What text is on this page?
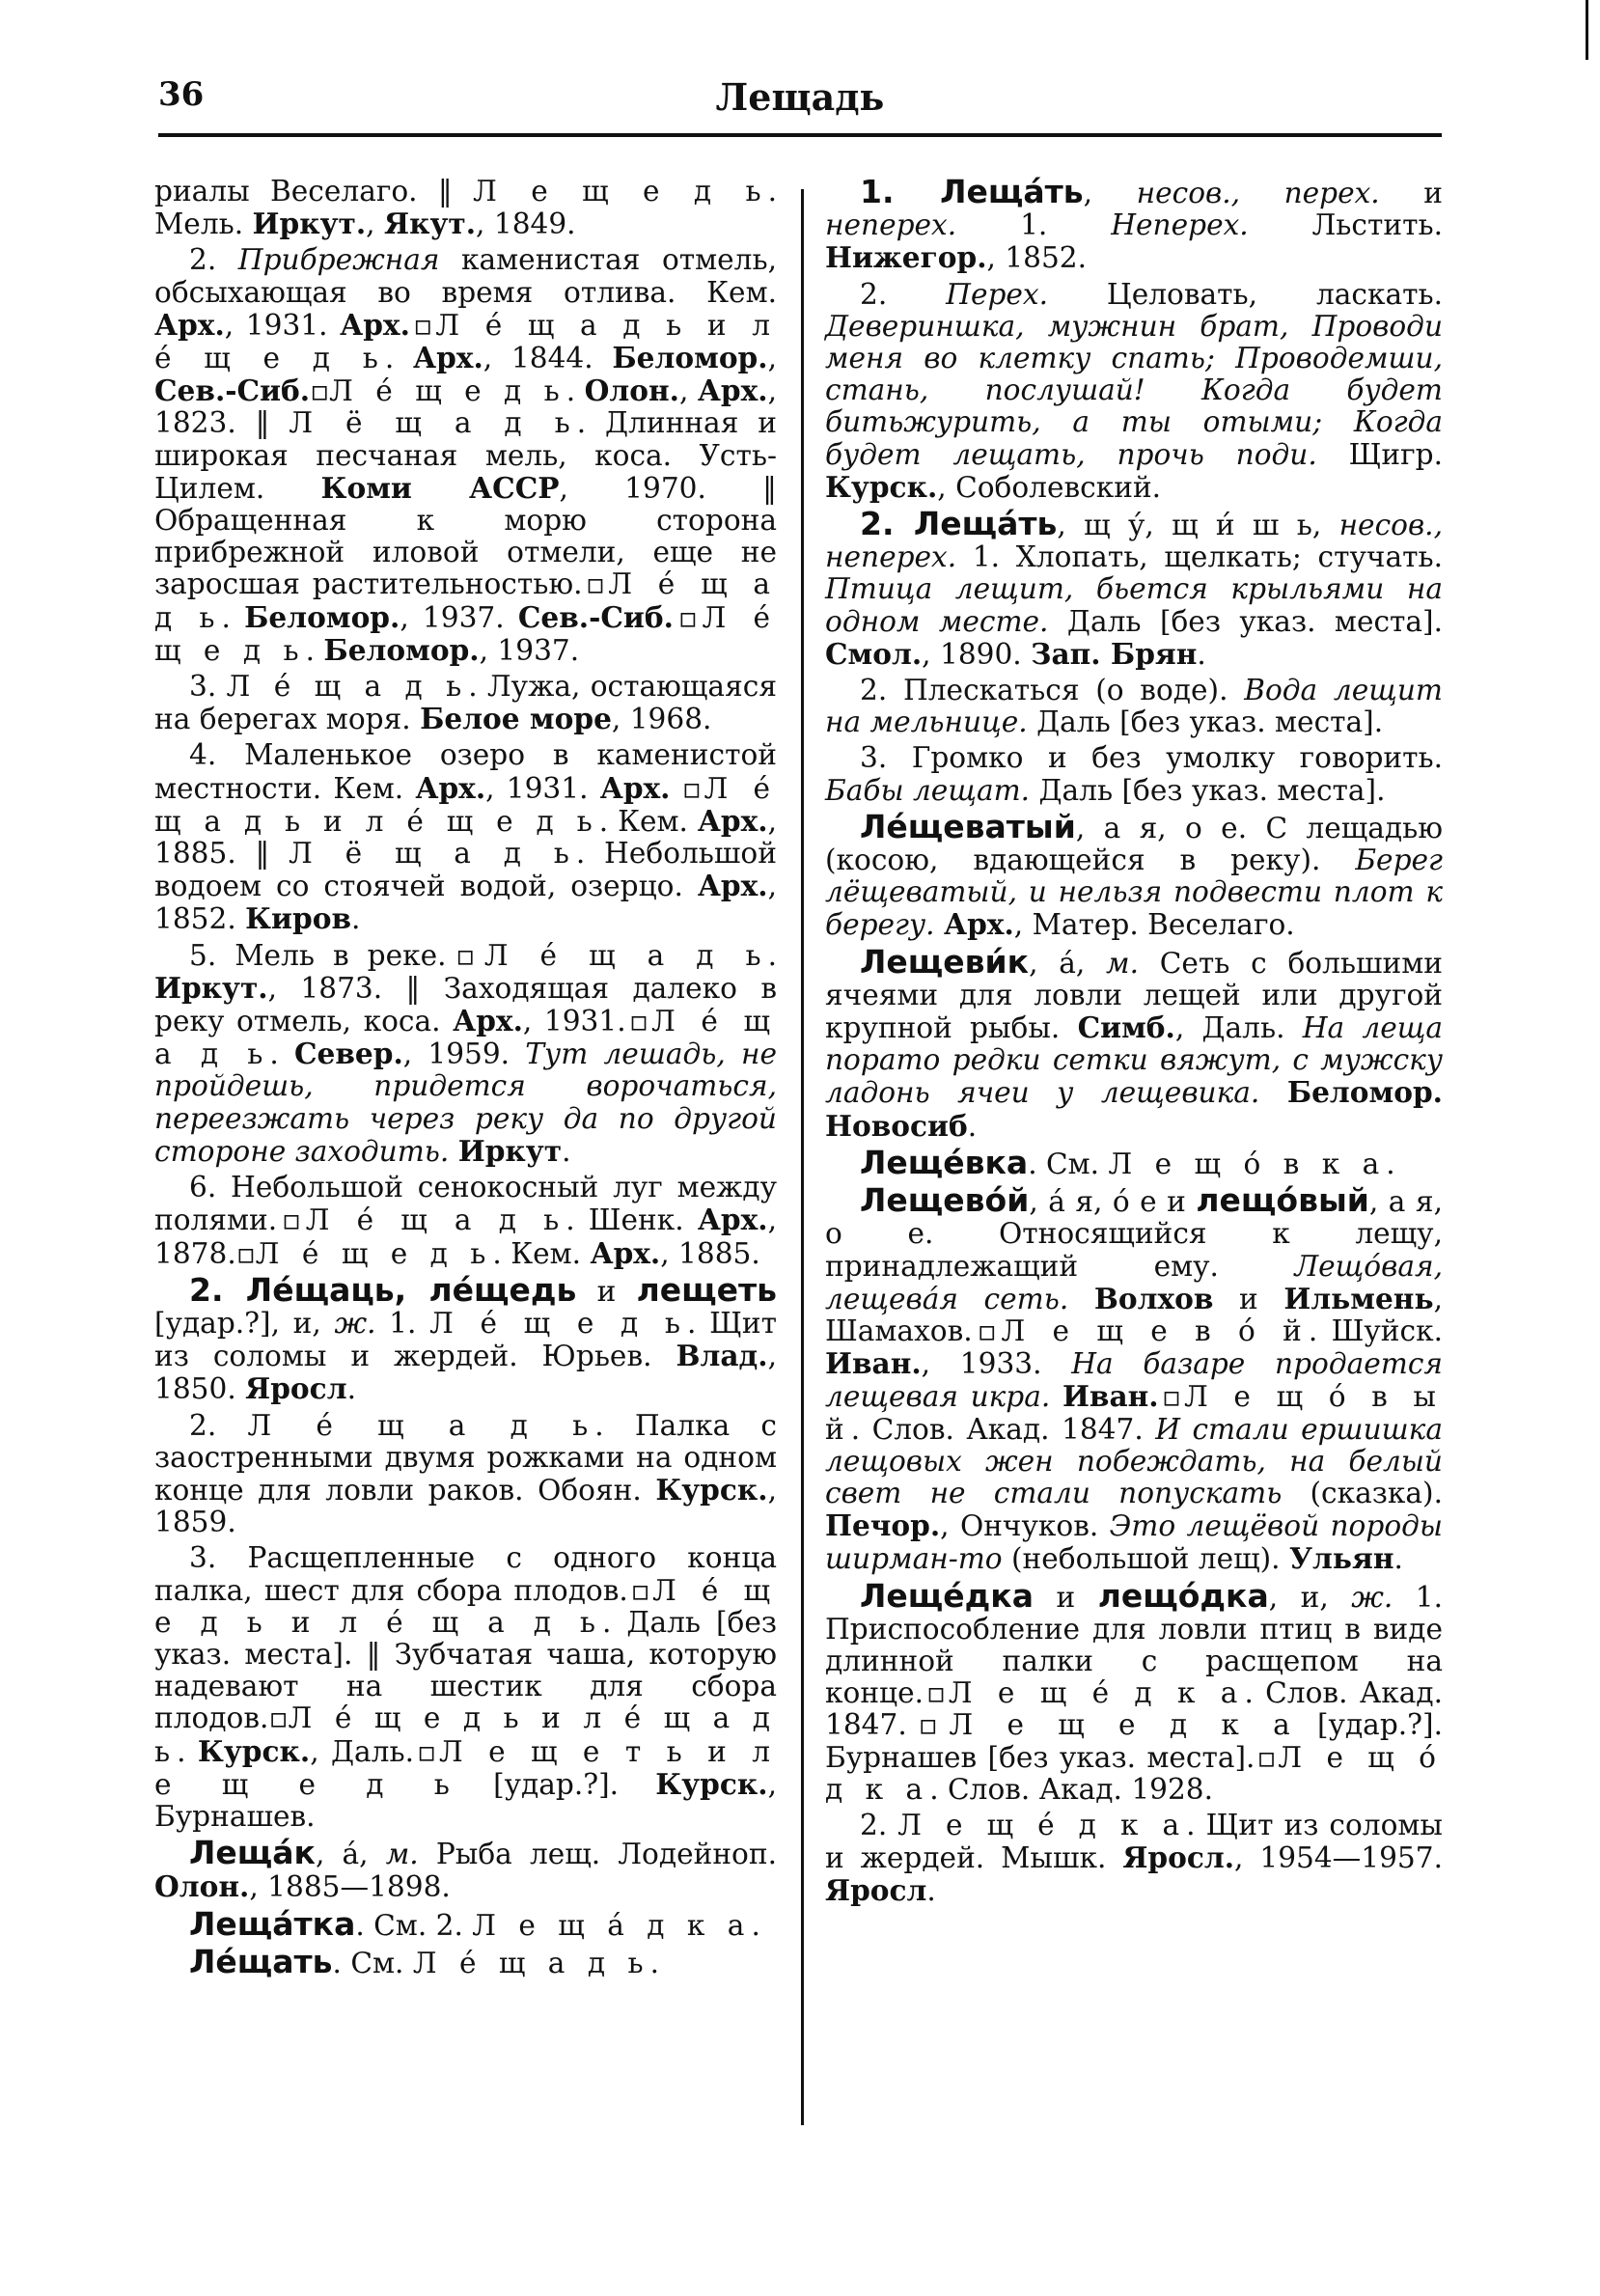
36	Лещадь

риалы Веселаго. ‖ Л е щ е д ь. Мель. Иркут., Якут., 1849.

2. Прибрежная каменистая отмель, обсыхающая во время отлива. Кем. Арх., 1931. Арх.▫Л е́ щ а д ь и л е́ щ е д ь. Арх., 1844. Беломор., Сев.-Сиб.▫Л е́ щ е д ь. Олон., Арх., 1823. ‖ Л ё щ а д ь. Длинная и широкая песчаная мель, коса. Усть-Цилем. Коми АССР, 1970. ‖ Обращенная к морю сторона прибрежной иловой отмели, еще не заросшая растительностью.▫Л е́ щ а д ь. Беломор., 1937. Сев.-Сиб.▫Л е́ щ е д ь. Беломор., 1937.

3. Л е́ щ а д ь. Лужа, остающаяся на берегах моря. Белое море, 1968.

4. Маленькое озеро в каменистой местности. Кем. Арх., 1931. Арх. ▫Л е́ щ а д ь и л е́ щ е д ь. Кем. Арх., 1885. ‖ Л ё щ а д ь. Небольшой водоем со стоячей водой, озерцо. Арх., 1852. Киров.

5. Мель в реке.▫Л е́ щ а д ь. Иркут., 1873. ‖ Заходящая далеко в реку отмель, коса. Арх., 1931.▫Л е́ щ а д ь. Север., 1959. Тут лешадь, не пройдешь, придется ворочаться, переезжать через реку да по другой стороне заходить. Иркут.

6. Небольшой сенокосный луг между полями.▫Л е́ щ а д ь. Шенк. Арх., 1878.▫Л е́ щ е д ь. Кем. Арх., 1885.

2. Ле́щаць, ле́щедь и лещеть [удар.?], и, ж. 1. Л е́ щ е д ь. Щит из соломы и жердей. Юрьев. Влад., 1850. Яросл.

2. Л е́ щ а д ь. Палка с заостренными двумя рожками на одном конце для ловли раков. Обоян. Курск., 1859.

3. Расщепленные с одного конца палка, шест для сбора плодов.▫Л е́ щ е д ь и л е́ щ а д ь. Даль [без указ. места]. ‖ Зубчатая чаша, которую надевают на шестик для сбора плодов.▫Л е́ щ е д ь и л е́ щ а д ь. Курск., Даль.▫Л е щ е т ь и л е щ е д ь [удар.?]. Курск., Бурнашев.

Леща́к, а́, м. Рыба лещ. Лодейноп. Олон., 1885—1898.

Леща́тка. См. 2. Л е щ а́ д к а.

Ле́щать. См. Л е́ щ а д ь.

1. Леща́ть, несов., перех. и неперех. 1. Неперех. Льстить. Нижегор., 1852.

2. Перех. Целовать, ласкать. Девериншка, мужнин брат, Проводи меня во клетку спать; Проводемши, стань, послушай! Когда будет битьжурить, а ты отыми; Когда будет лещать, прочь поди. Щигр. Курск., Соболевский.

2. Леща́ть, щ у́, щ и́ ш ь, несов., неперех. 1. Хлопать, щелкать; стучать. Птица лещит, бьется крыльями на одном месте. Даль [без указ. места]. Смол., 1890. Зап. Брян.

2. Плескаться (о воде). Вода лещит на мельнице. Даль [без указ. места].

3. Громко и без умолку говорить. Бабы лещат. Даль [без указ. места].

Ле́щеватый, а я, о е. С лещадью (косою, вдающейся в реку). Берег лёщеватый, и нельзя подвести плот к берегу. Арх., Матер. Веселаго.

Лещеви́к, а́, м. Сеть с большими ячеями для ловли лещей или другой крупной рыбы. Симб., Даль. На леща порато редки сетки вяжут, с мужску ладонь ячеи у лещевика. Беломор. Новосиб.

Леще́вка. См. Л е щ о́ в к а.

Лещево́й, а́ я, о́ е и лещо́вый, а я, о е. Относящийся к лещу, принадлежащий ему. Лещо́вая, лещевáя сеть. Волхов и Ильмень, Шамахов.▫Л е щ е в о́ й. Шуйск. Иван., 1933. На базаре продается лещевая икра. Иван.▫Л е щ о́ в ы й. Слов. Акад. 1847. И стали ершишка лещовых жен побеждать, на белый свет не стали попускать (сказка). Печор., Ончуков. Это лещёвой породы ширман-то (небольшой лещ). Ульян.

Леще́дка и лещо́дка, и, ж. 1. Приспособление для ловли птиц в виде длинной палки с расщепом на конце.▫Л е щ е́ д к а. Слов. Акад. 1847.▫Л е щ е д к а [удар.?]. Бурнашев [без указ. места].▫Л е щ о́ д к а. Слов. Акад. 1928.

2. Л е щ е́ д к а. Щит из соломы и жердей. Мышк. Яросл., 1954—1957. Яросл.
